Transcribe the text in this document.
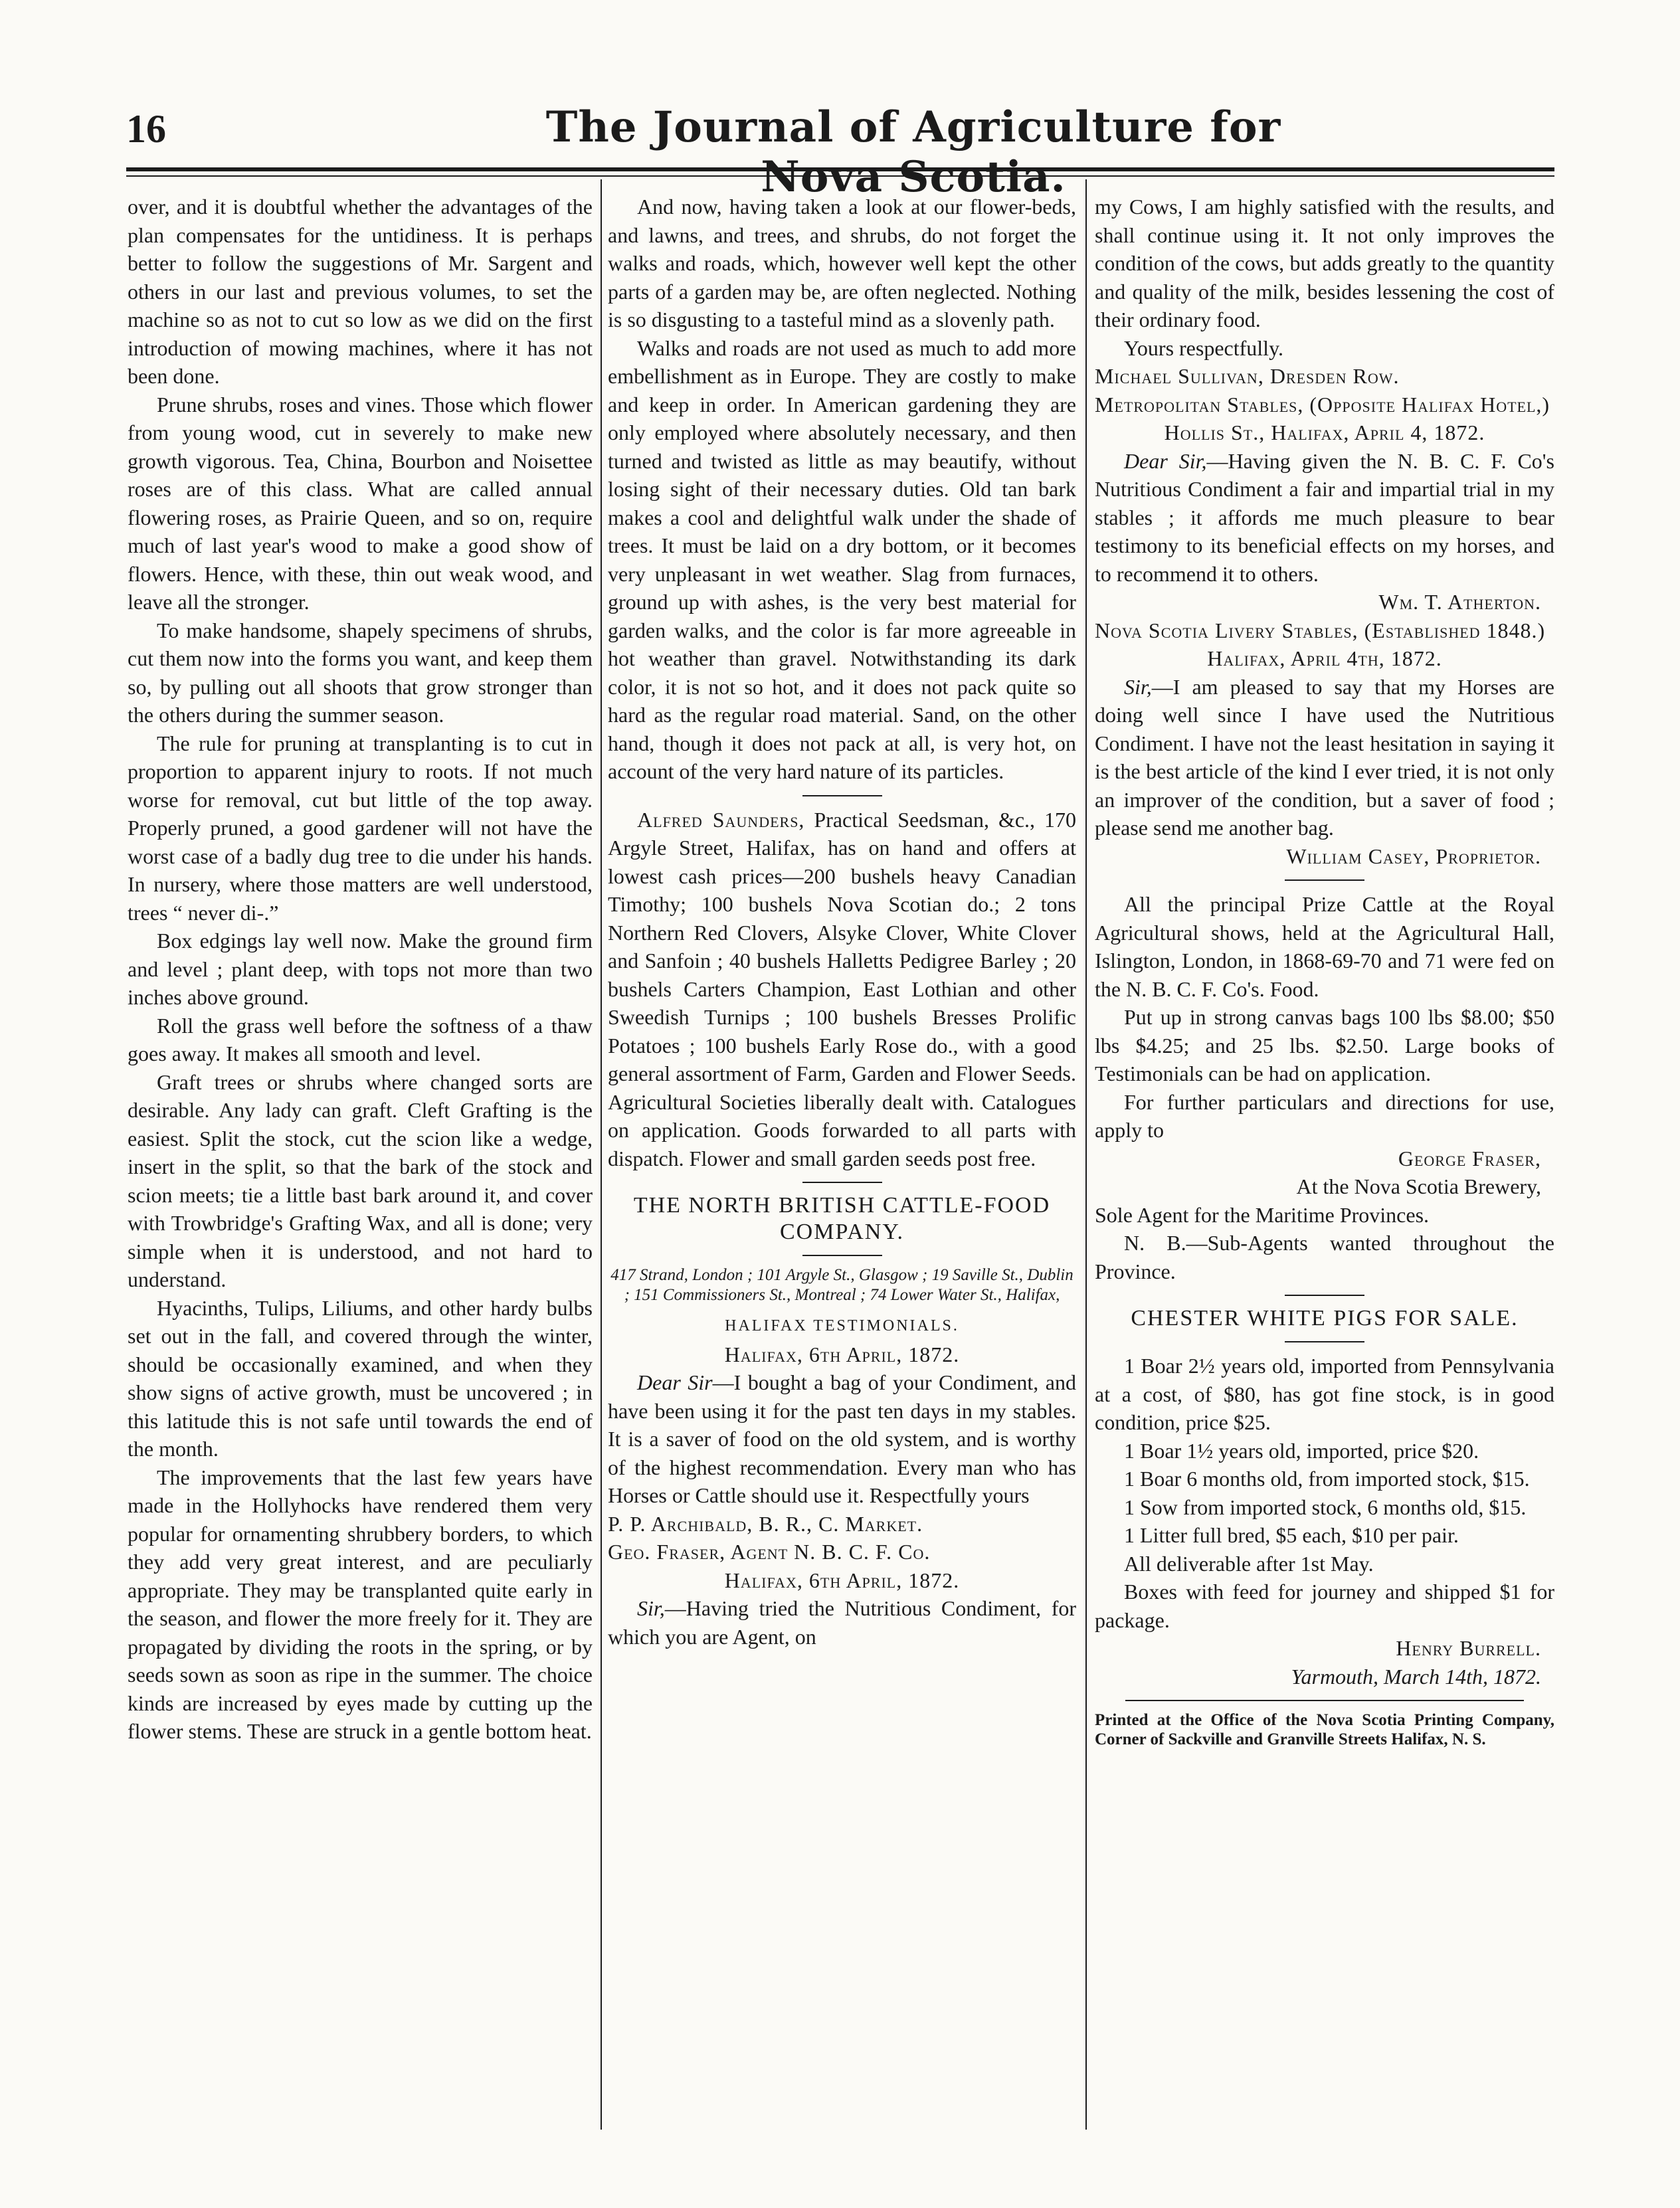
16	The Journal of Agriculture for Nova Scotia.

over, and it is doubtful whether the advantages of the plan compensates for the untidiness. It is perhaps better to follow the suggestions of Mr. Sargent and others in our last and previous volumes, to set the machine so as not to cut so low as we did on the first introduction of mowing machines, where it has not been done.

Prune shrubs, roses and vines. Those which flower from young wood, cut in severely to make new growth vigorous. Tea, China, Bourbon and Noisettee roses are of this class. What are called annual flowering roses, as Prairie Queen, and so on, require much of last year's wood to make a good show of flowers. Hence, with these, thin out weak wood, and leave all the stronger.

To make handsome, shapely specimens of shrubs, cut them now into the forms you want, and keep them so, by pulling out all shoots that grow stronger than the others during the summer season.

The rule for pruning at transplanting is to cut in proportion to apparent injury to roots. If not much worse for removal, cut but little of the top away. Properly pruned, a good gardener will not have the worst case of a badly dug tree to die under his hands. In nursery, where those matters are well understood, trees “ never di-.”

Box edgings lay well now. Make the ground firm and level ; plant deep, with tops not more than two inches above ground.

Roll the grass well before the softness of a thaw goes away. It makes all smooth and level.

Graft trees or shrubs where changed sorts are desirable. Any lady can graft. Cleft Grafting is the easiest. Split the stock, cut the scion like a wedge, insert in the split, so that the bark of the stock and scion meets; tie a little bast bark around it, and cover with Trowbridge's Grafting Wax, and all is done; very simple when it is understood, and not hard to understand.

Hyacinths, Tulips, Liliums, and other hardy bulbs set out in the fall, and covered through the winter, should be occasionally examined, and when they show signs of active growth, must be uncovered ; in this latitude this is not safe until towards the end of the month.

The improvements that the last few years have made in the Hollyhocks have rendered them very popular for ornamenting shrubbery borders, to which they add very great interest, and are peculiarly appropriate. They may be transplanted quite early in the season, and flower the more freely for it. They are propagated by dividing the roots in the spring, or by seeds sown as soon as ripe in the summer. The choice kinds are increased by eyes made by cutting up the flower stems. These are struck in a gentle bottom heat.

And now, having taken a look at our flower-beds, and lawns, and trees, and shrubs, do not forget the walks and roads, which, however well kept the other parts of a garden may be, are often neglected. Nothing is so disgusting to a tasteful mind as a slovenly path.

Walks and roads are not used as much to add more embellishment as in Europe. They are costly to make and keep in order. In American gardening they are only employed where absolutely necessary, and then turned and twisted as little as may beautify, without losing sight of their necessary duties. Old tan bark makes a cool and delightful walk under the shade of trees. It must be laid on a dry bottom, or it becomes very unpleasant in wet weather. Slag from furnaces, ground up with ashes, is the very best material for garden walks, and the color is far more agreeable in hot weather than gravel. Notwithstanding its dark color, it is not so hot, and it does not pack quite so hard as the regular road material. Sand, on the other hand, though it does not pack at all, is very hot, on account of the very hard nature of its particles.

Alfred Saunders, Practical Seedsman, &c., 170 Argyle Street, Halifax, has on hand and offers at lowest cash prices—200 bushels heavy Canadian Timothy; 100 bushels Nova Scotian do.; 2 tons Northern Red Clovers, Alsyke Clover, White Clover and Sanfoin ; 40 bushels Halletts Pedigree Barley ; 20 bushels Carters Champion, East Lothian and other Sweedish Turnips ; 100 bushels Bresses Prolific Potatoes ; 100 bushels Early Rose do., with a good general assortment of Farm, Garden and Flower Seeds. Agricultural Societies liberally dealt with. Catalogues on application. Goods forwarded to all parts with dispatch. Flower and small garden seeds post free.

THE NORTH BRITISH CATTLE-FOOD COMPANY.

417 Strand, London ; 101 Argyle St., Glasgow ; 19 Saville St., Dublin ; 151 Commissioners St., Montreal ; 74 Lower Water St., Halifax,

HALIFAX TESTIMONIALS.

Halifax, 6th April, 1872.

Dear Sir—I bought a bag of your Condiment, and have been using it for the past ten days in my stables. It is a saver of food on the old system, and is worthy of the highest recommendation. Every man who has Horses or Cattle should use it. Respectfully yours

P. P. Archibald, B. R., C. Market.

Geo. Fraser, Agent N. B. C. F. Co.

Halifax, 6th April, 1872.

Sir,—Having tried the Nutritious Condiment, for which you are Agent, on

my Cows, I am highly satisfied with the results, and shall continue using it. It not only improves the condition of the cows, but adds greatly to the quantity and quality of the milk, besides lessening the cost of their ordinary food.

Yours respectfully.

Michael Sullivan, Dresden Row.

Metropolitan Stables, (Opposite Halifax Hotel,)

Hollis St., Halifax, April 4, 1872.

Dear Sir,—Having given the N. B. C. F. Co's Nutritious Condiment a fair and impartial trial in my stables ; it affords me much pleasure to bear testimony to its beneficial effects on my horses, and to recommend it to others.

Wm. T. Atherton.

Nova Scotia Livery Stables, (Established 1848.)

Halifax, April 4th, 1872.

Sir,—I am pleased to say that my Horses are doing well since I have used the Nutritious Condiment. I have not the least hesitation in saying it is the best article of the kind I ever tried, it is not only an improver of the condition, but a saver of food ; please send me another bag.

William Casey, Proprietor.

All the principal Prize Cattle at the Royal Agricultural shows, held at the Agricultural Hall, Islington, London, in 1868-69-70 and 71 were fed on the N. B. C. F. Co's. Food.

Put up in strong canvas bags 100 lbs $8.00; $50 lbs $4.25; and 25 lbs. $2.50. Large books of Testimonials can be had on application.

For further particulars and directions for use, apply to

George Fraser,

At the Nova Scotia Brewery,

Sole Agent for the Maritime Provinces.

N. B.—Sub-Agents wanted throughout the Province.

CHESTER WHITE PIGS FOR SALE.

1 Boar 2½ years old, imported from Pennsylvania at a cost, of $80, has got fine stock, is in good condition, price $25.

1 Boar 1½ years old, imported, price $20.

1 Boar 6 months old, from imported stock, $15.

1 Sow from imported stock, 6 months old, $15.

1 Litter full bred, $5 each, $10 per pair.

All deliverable after 1st May.

Boxes with feed for journey and shipped $1 for package.

Henry Burrell.

Yarmouth, March 14th, 1872.

Printed at the Office of the Nova Scotia Printing Company, Corner of Sackville and Granville Streets Halifax, N. S.
